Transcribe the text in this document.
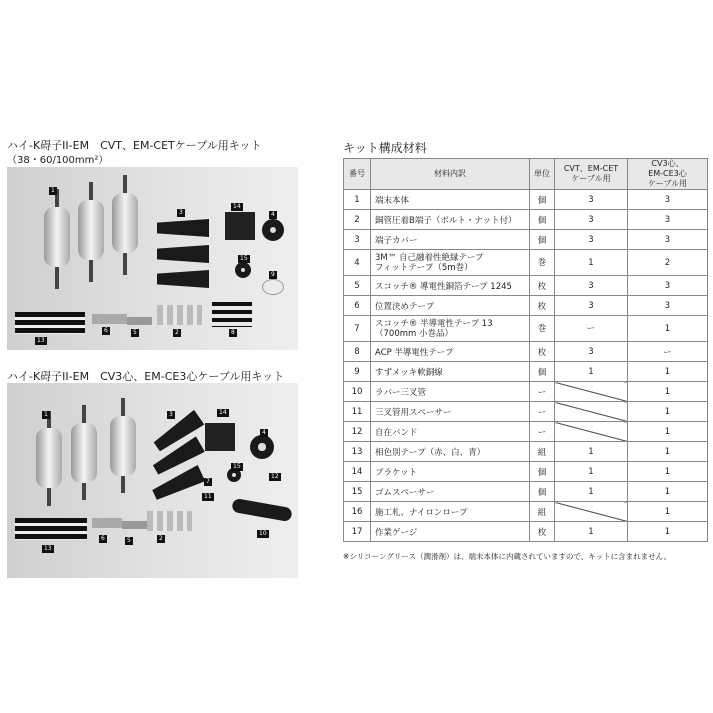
ハイ-K碍子II-EM　CVT、EM-CETケーブル用キット
（38・60/100mm²）
1
3
14
4
15
9
6	5	2	8
13
ハイ-K碍子II-EM　CV3心、EM-CE3心ケーブル用キット
1	3	14
4
15
7
11
12
6	5	2
10
13
キット構成材料
番号	材料内訳	単位	CVT、EM-CET
ケーブル用	CV3心、
EM-CE3心
ケーブル用
1	端末本体	個	3	3
2	銅管圧着B端子（ボルト・ナット付）	個	3	3
3	端子カバー	個	3	3
4	3M™ 自己融着性絶縁テープ
フィットテープ（5m巻）	巻	1	2
5	スコッチ® 導電性銅箔テープ 1245	枚	3	3
6	位置決めテープ	枚	3	3
7	スコッチ® 半導電性テープ 13
（700mm 小巻品）	巻	ー	1
8	ACP 半導電性テープ	枚	3	ー
9	すずメッキ軟銅線	個	1	1
10	ラバー三叉管	ー		1
11	三叉管用スペーサー	ー		1
12	自在バンド	ー		1
13	相色別テープ（赤、白、青）	組	1	1
14	ブラケット	個	1	1
15	ゴムスペーサー	個	1	1
16	施工札、ナイロンロープ	組		1
17	作業ゲージ	枚	1	1
※シリコーングリース（潤滑剤）は、端末本体に内蔵されていますので、キットに含まれません。
